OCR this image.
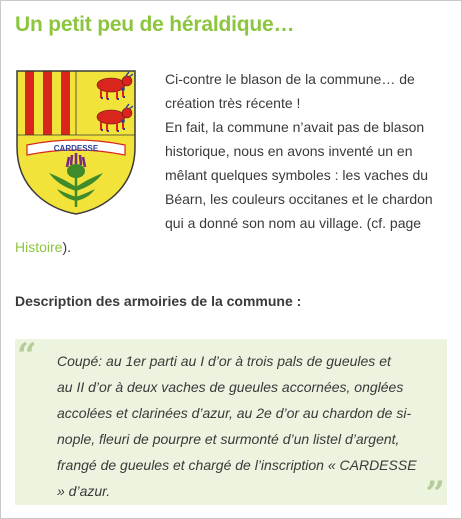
Un petit peu de héraldique…
CARDESSE
Ci-contre le blason de la commune… de
création très récente !
En fait, la commune n’avait pas de blason
historique, nous en avons inventé un en
mêlant quelques symboles : les vaches du
Béarn, les couleurs occitanes et le chardon
qui a donné son nom au village. (cf. page
Histoire).
Description des armoiries de la commune :
“ Coupé: au 1er parti au I d’or à trois pals de gueules et
au II d’or à deux vaches de gueules accornées, onglées
accolées et clarinées d’azur, au 2e d’or au chardon de si-
nople, fleuri de pourpre et surmonté d’un listel d’argent,
frangé de gueules et chargé de l’inscription « CARDESSE
» d’azur.	”
